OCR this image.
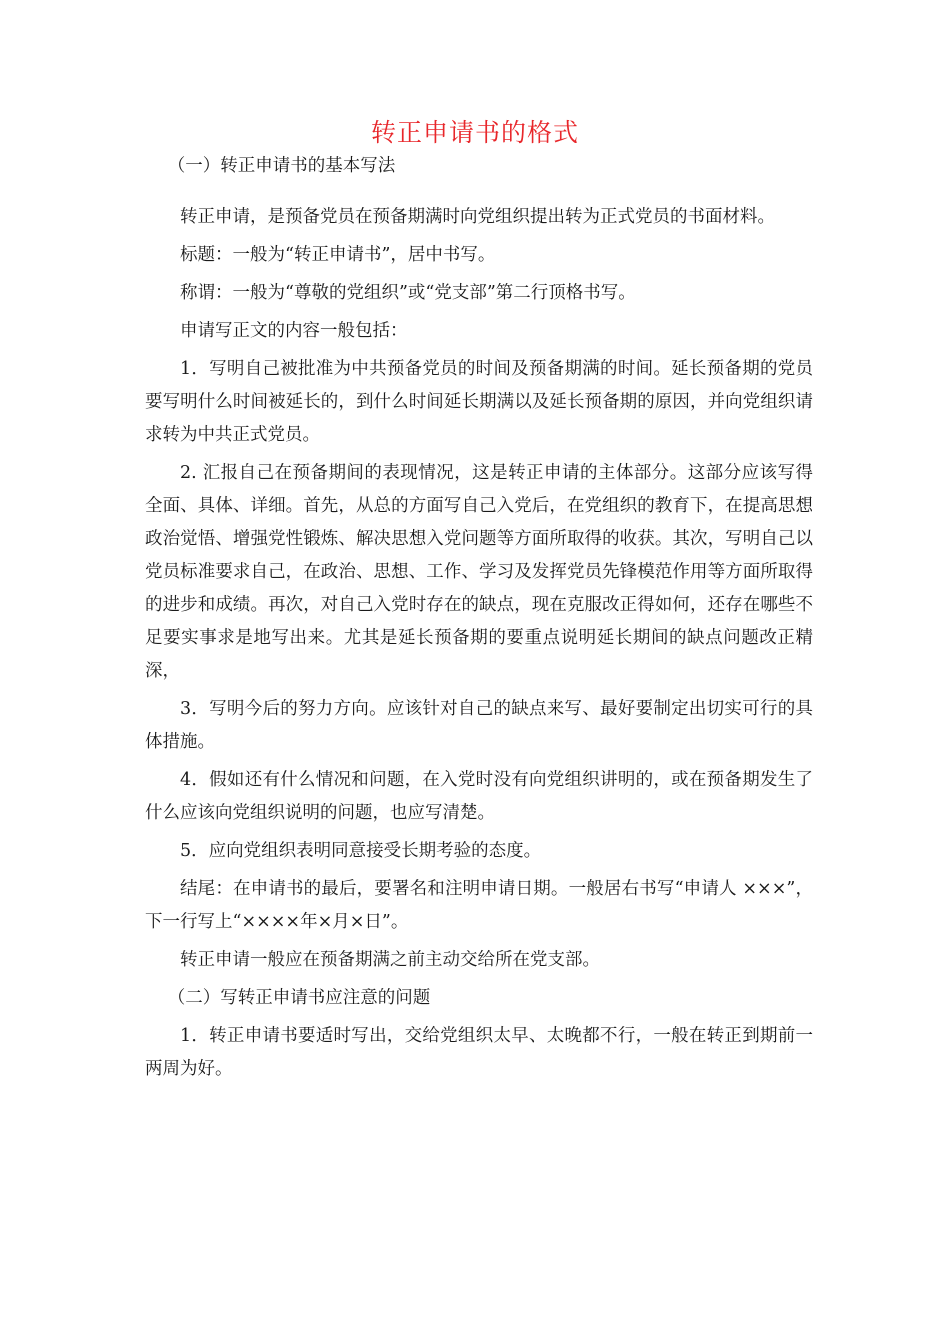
转正申请书的格式

（一）转正申请书的基本写法

转正申请，是预备党员在预备期满时向党组织提出转为正式党员的书面材料。

标题：一般为“转正申请书”，居中书写。

称谓：一般为“尊敬的党组织”或“党支部”第二行顶格书写。

申请写正文的内容一般包括：

1．写明自己被批准为中共预备党员的时间及预备期满的时间。延长预备期的党员要写明什么时间被延长的，到什么时间延长期满以及延长预备期的原因，并向党组织请求转为中共正式党员。

2. 汇报自己在预备期间的表现情况，这是转正申请的主体部分。这部分应该写得全面、具体、详细。首先，从总的方面写自己入党后，在党组织的教育下，在提高思想政治觉悟、增强党性锻炼、解决思想入党问题等方面所取得的收获。其次，写明自己以党员标准要求自己，在政治、思想、工作、学习及发挥党员先锋模范作用等方面所取得的进步和成绩。再次，对自己入党时存在的缺点，现在克服改正得如何，还存在哪些不足要实事求是地写出来。尤其是延长预备期的要重点说明延长期间的缺点问题改正精深，

3．写明今后的努力方向。应该针对自己的缺点来写、最好要制定出切实可行的具体措施。

4．假如还有什么情况和问题，在入党时没有向党组织讲明的，或在预备期发生了什么应该向党组织说明的问题，也应写清楚。

5．应向党组织表明同意接受长期考验的态度。

结尾：在申请书的最后，要署名和注明申请日期。一般居右书写“申请人 ×××”，下一行写上“××××年×月×日”。

转正申请一般应在预备期满之前主动交给所在党支部。

（二）写转正申请书应注意的问题

1．转正申请书要适时写出，交给党组织太早、太晚都不行，一般在转正到期前一两周为好。
